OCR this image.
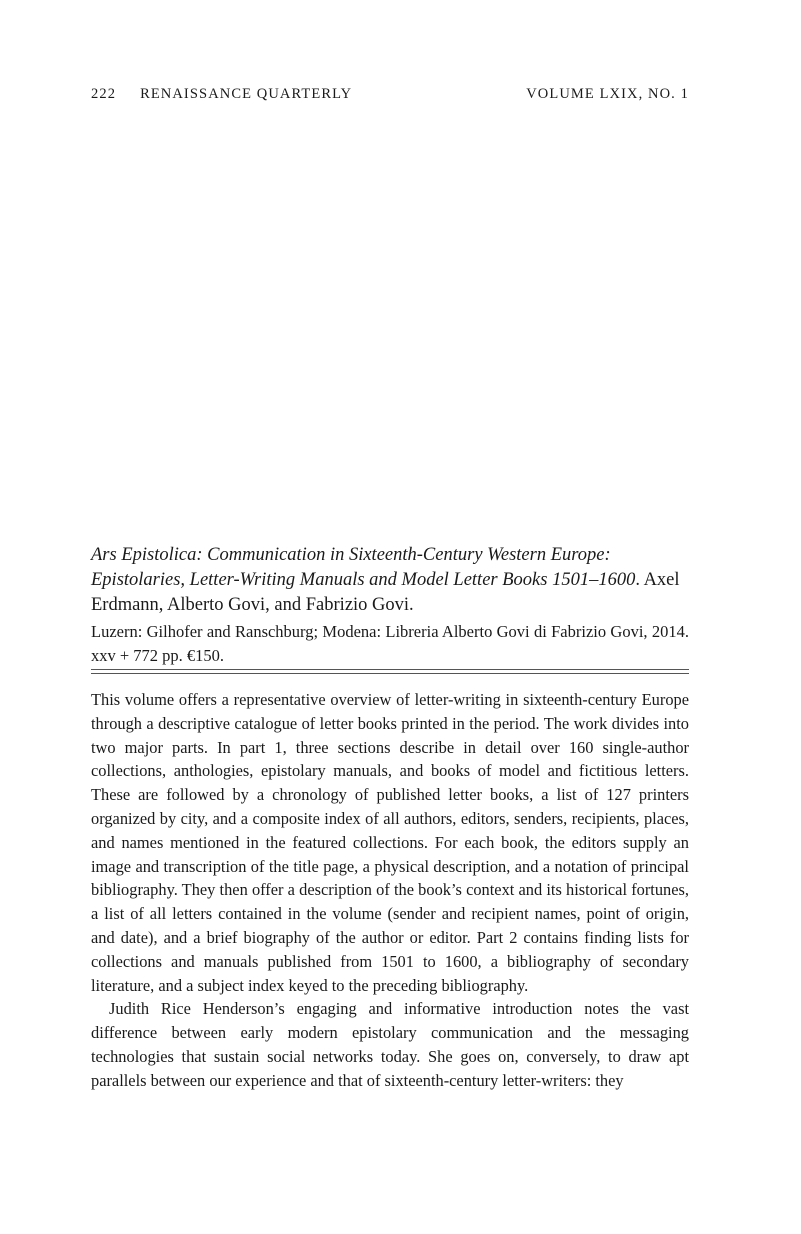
222 RENAISSANCE QUARTERLY	VOLUME LXIX, NO. 1

Ars Epistolica: Communication in Sixteenth-Century Western Europe: Epistolaries, Letter-Writing Manuals and Model Letter Books 1501–1600. Axel Erdmann, Alberto Govi, and Fabrizio Govi.

Luzern: Gilhofer and Ranschburg; Modena: Libreria Alberto Govi di Fabrizio Govi, 2014. xxv + 772 pp. €150.

This volume offers a representative overview of letter-writing in sixteenth-century Europe through a descriptive catalogue of letter books printed in the period. The work divides into two major parts. In part 1, three sections describe in detail over 160 single-author collections, anthologies, epistolary manuals, and books of model and fictitious letters. These are followed by a chronology of published letter books, a list of 127 printers organized by city, and a composite index of all authors, editors, senders, recipients, places, and names mentioned in the featured collections. For each book, the editors supply an image and transcription of the title page, a physical description, and a notation of principal bibliography. They then offer a description of the book’s context and its historical fortunes, a list of all letters contained in the volume (sender and recipient names, point of origin, and date), and a brief biography of the author or editor. Part 2 contains finding lists for collections and manuals published from 1501 to 1600, a bibliography of secondary literature, and a subject index keyed to the preceding bibliography.

Judith Rice Henderson’s engaging and informative introduction notes the vast difference between early modern epistolary communication and the messaging technologies that sustain social networks today. She goes on, conversely, to draw apt parallels between our experience and that of sixteenth-century letter-writers: they
